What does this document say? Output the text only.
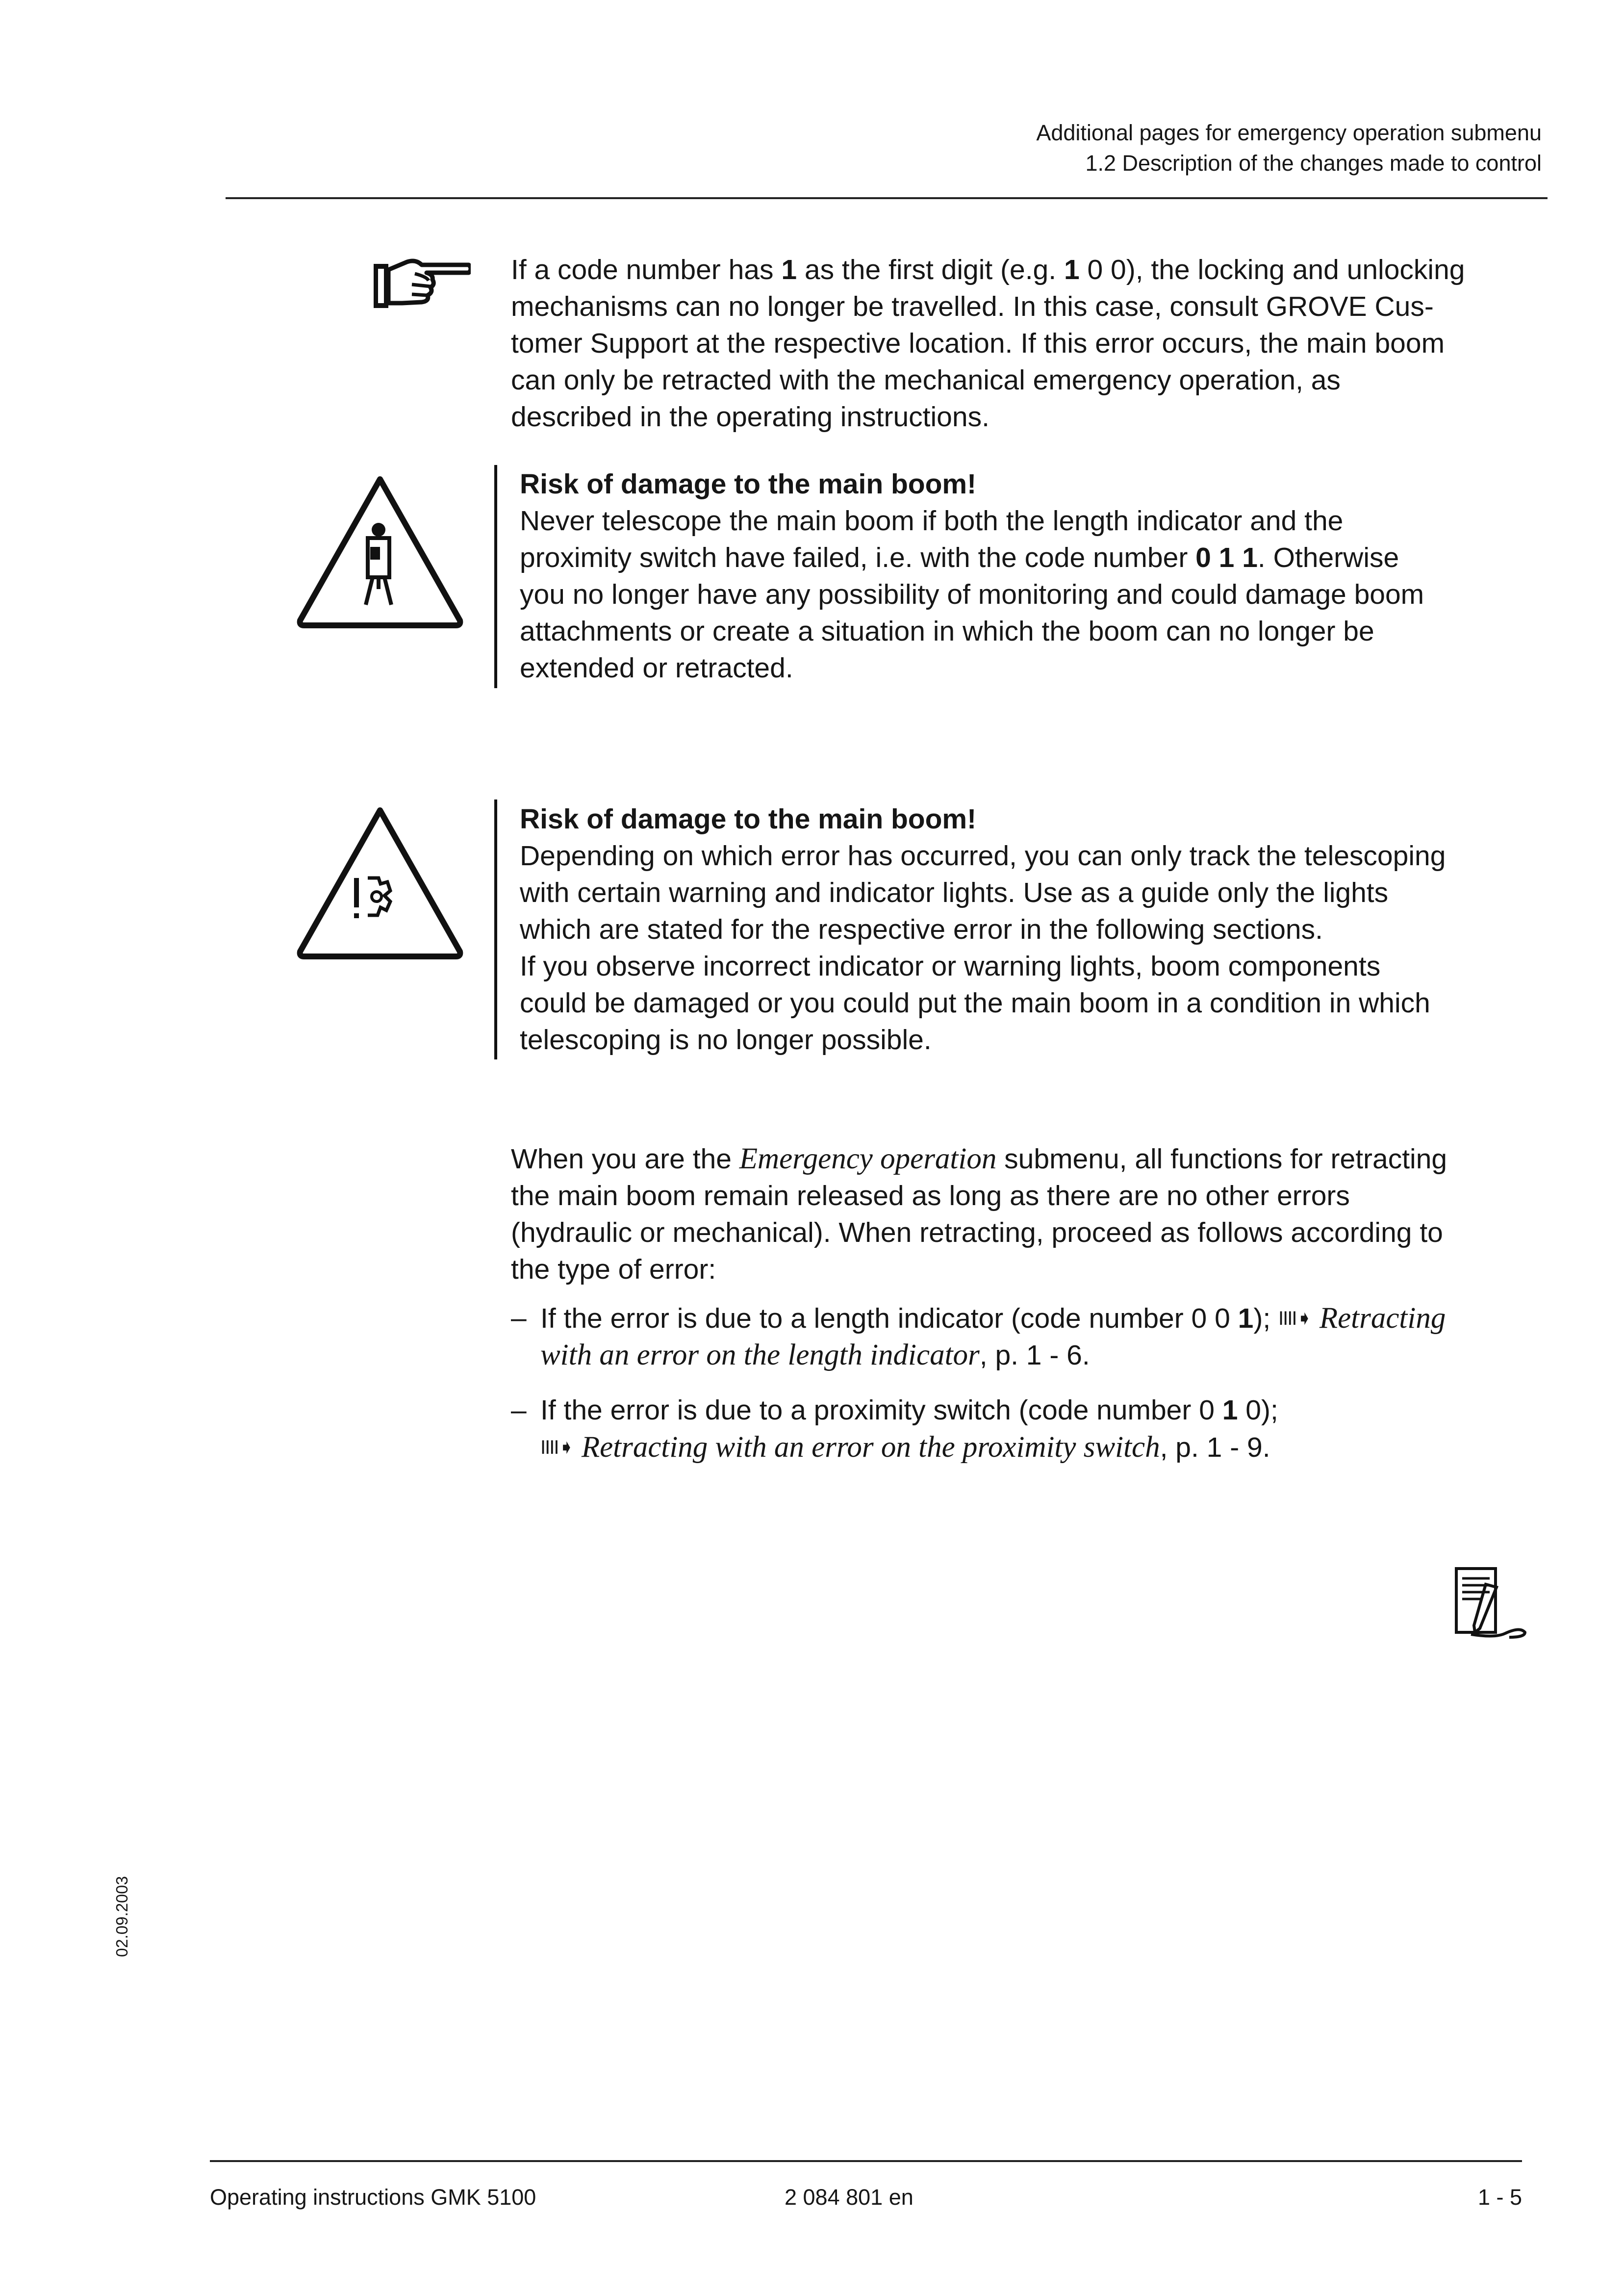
Additional pages for emergency operation submenu
1.2 Description of the changes made to control

If a code number has 1 as the first digit (e.g. 1 0 0), the locking and unlocking

mechanisms can no longer be travelled. In this case, consult GROVE Cus-

tomer Support at the respective location. If this error occurs, the main boom

can only be retracted with the mechanical emergency operation, as

described in the operating instructions.

Risk of damage to the main boom!

Never telescope the main boom if both the length indicator and the

proximity switch have failed, i.e. with the code number 0 1 1. Otherwise

you no longer have any possibility of monitoring and could damage boom

attachments or create a situation in which the boom can no longer be

extended or retracted.

Risk of damage to the main boom!

Depending on which error has occurred, you can only track the telescoping

with certain warning and indicator lights. Use as a guide only the lights

which are stated for the respective error in the following sections.

If you observe incorrect indicator or warning lights, boom components

could be damaged or you could put the main boom in a condition in which

telescoping is no longer possible.

When you are the Emergency operation submenu, all functions for retracting

the main boom remain released as long as there are no other errors

(hydraulic or mechanical). When retracting, proceed as follows according to

the type of error:

– If the error is due to a length indicator (code number 0 0 1); IIII➧ Retracting
with an error on the length indicator, p. 1 - 6.
– If the error is due to a proximity switch (code number 0 1 0);
IIII➧ Retracting with an error on the proximity switch, p. 1 - 9.
02.09.2003
Operating instructions GMK 5100	2 084 801 en	1 - 5
